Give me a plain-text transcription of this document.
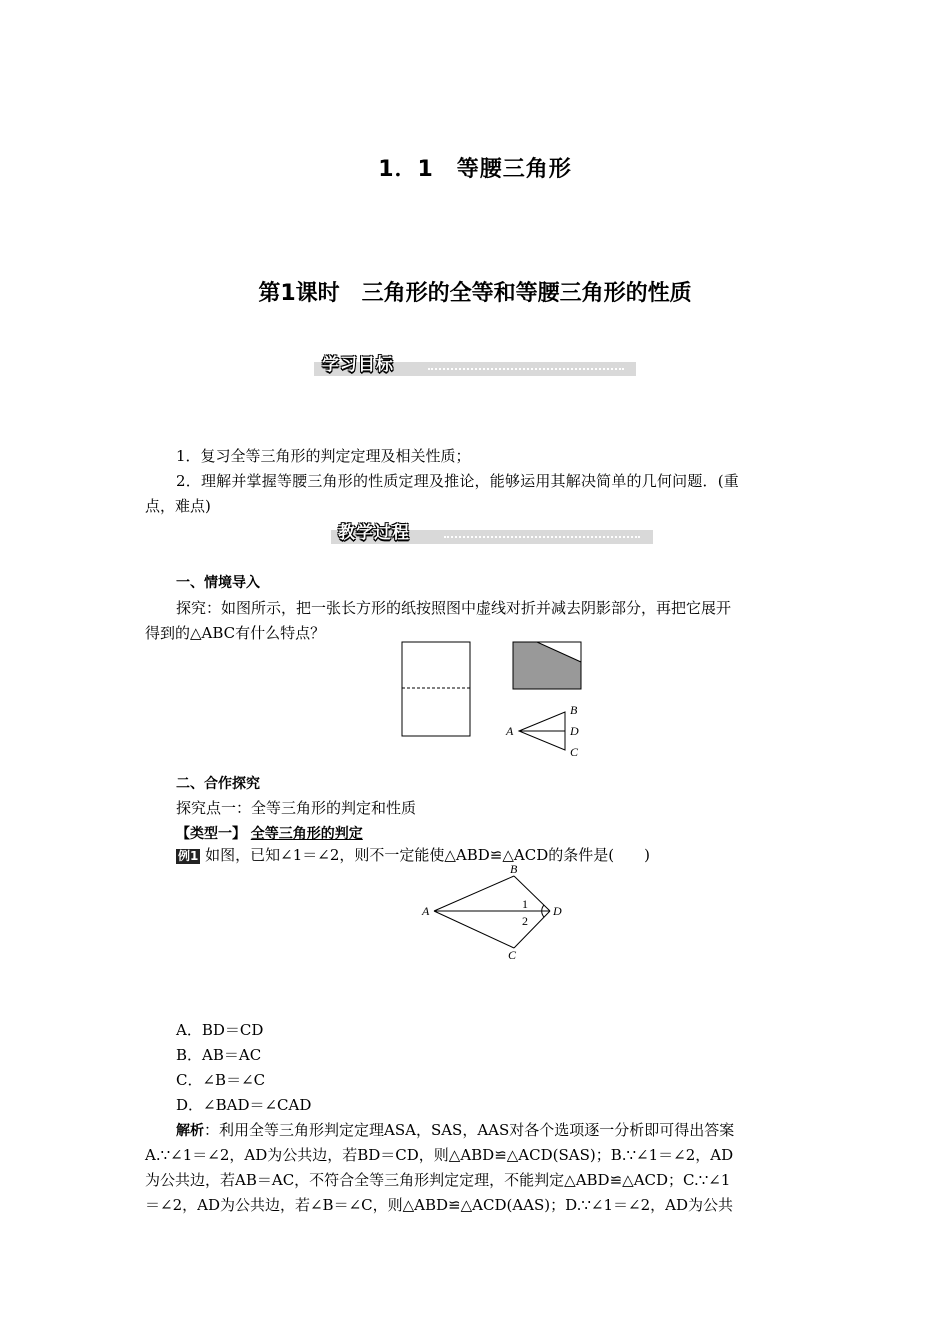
1．1　等腰三角形
第1课时　三角形的全等和等腰三角形的性质
学习目标
1．复习全等三角形的判定定理及相关性质；
2．理解并掌握等腰三角形的性质定理及推论，能够运用其解决简单的几何问题．(重
点，难点)
教学过程
一、情境导入
探究：如图所示，把一张长方形的纸按照图中虚线对折并减去阴影部分，再把它展开
得到的△ABC有什么特点？
A
B
D
C
二、合作探究
探究点一：全等三角形的判定和性质
【类型一】 全等三角形的判定
例1 如图，已知∠1＝∠2，则不一定能使△ABD≌△ACD的条件是(　　)
A
B
C
D
1
2
A．BD＝CD
B．AB＝AC
C．∠B＝∠C
D．∠BAD＝∠CAD
解析：利用全等三角形判定定理ASA，SAS，AAS对各个选项逐一分析即可得出答案
A.∵∠1＝∠2，AD为公共边，若BD＝CD，则△ABD≌△ACD(SAS)；B.∵∠1＝∠2，AD
为公共边，若AB＝AC，不符合全等三角形判定定理，不能判定△ABD≌△ACD；C.∵∠1
＝∠2，AD为公共边，若∠B＝∠C，则△ABD≌△ACD(AAS)；D.∵∠1＝∠2，AD为公共
